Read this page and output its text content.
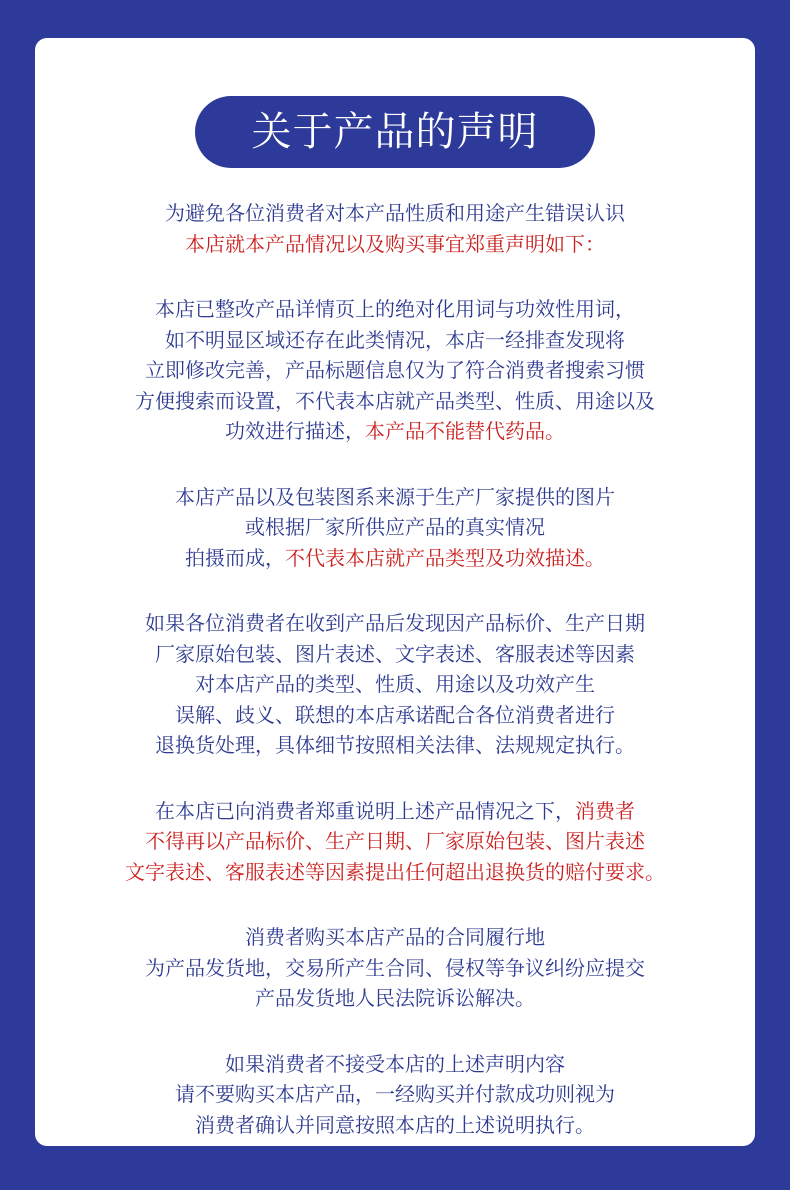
关于产品的声明
为避免各位消费者对本产品性质和用途产生错误认识
本店就本产品情况以及购买事宜郑重声明如下：
本店已整改产品详情页上的绝对化用词与功效性用词，
如不明显区域还存在此类情况，本店一经排查发现将
立即修改完善，产品标题信息仅为了符合消费者搜索习惯
方便搜索而设置，不代表本店就产品类型、性质、用途以及
功效进行描述，本产品不能替代药品。
本店产品以及包装图系来源于生产厂家提供的图片
或根据厂家所供应产品的真实情况
拍摄而成，不代表本店就产品类型及功效描述。
如果各位消费者在收到产品后发现因产品标价、生产日期
厂家原始包装、图片表述、文字表述、客服表述等因素
对本店产品的类型、性质、用途以及功效产生
误解、歧义、联想的本店承诺配合各位消费者进行
退换货处理，具体细节按照相关法律、法规规定执行。
在本店已向消费者郑重说明上述产品情况之下，消费者
不得再以产品标价、生产日期、厂家原始包装、图片表述
文字表述、客服表述等因素提出任何超出退换货的赔付要求。
消费者购买本店产品的合同履行地
为产品发货地，交易所产生合同、侵权等争议纠纷应提交
产品发货地人民法院诉讼解决。
如果消费者不接受本店的上述声明内容
请不要购买本店产品，一经购买并付款成功则视为
消费者确认并同意按照本店的上述说明执行。
